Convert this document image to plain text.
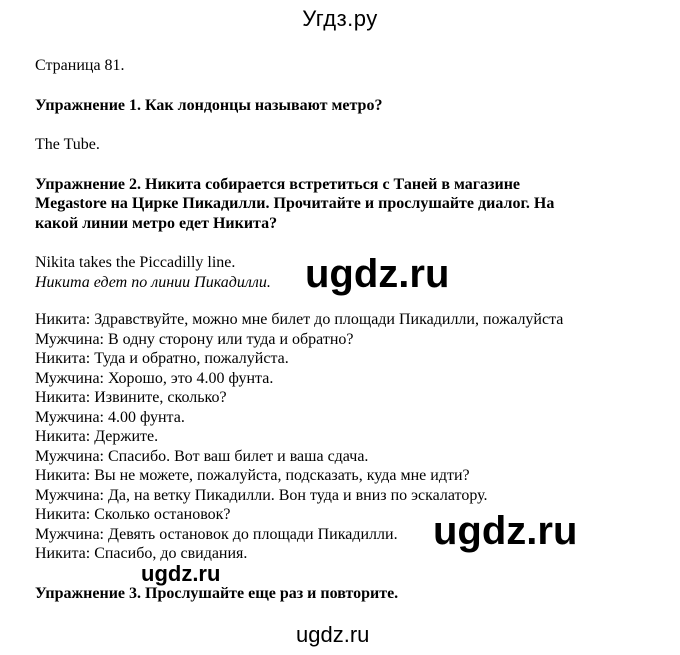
Угдз.ру

Страница 81.

Упражнение 1. Как лондонцы называют метро?

The Tube.

Упражнение 2. Никита собирается встретиться с Таней в магазине
Megastore на Цирке Пикадилли. Прочитайте и прослушайте диалог. На
какой линии метро едет Никита?
Nikita takes the Piccadilly line.
Никита едет по линии Пикадилли.
Никита: Здравствуйте, можно мне билет до площади Пикадилли, пожалуйста
Мужчина: В одну сторону или туда и обратно?
Никита: Туда и обратно, пожалуйста.
Мужчина: Хорошо, это 4.00 фунта.
Никита: Извините, сколько?
Мужчина: 4.00 фунта.
Никита: Держите.
Мужчина: Спасибо. Вот ваш билет и ваша сдача.
Никита: Вы не можете, пожалуйста, подсказать, куда мне идти?
Мужчина: Да, на ветку Пикадилли. Вон туда и вниз по эскалатору.
Никита: Сколько остановок?
Мужчина: Девять остановок до площади Пикадилли.
Никита: Спасибо, до свидания.

Упражнение 3. Прослушайте еще раз и повторите.

ugdz.ru
ugdz.ru
ugdz.ru
ugdz.ru
